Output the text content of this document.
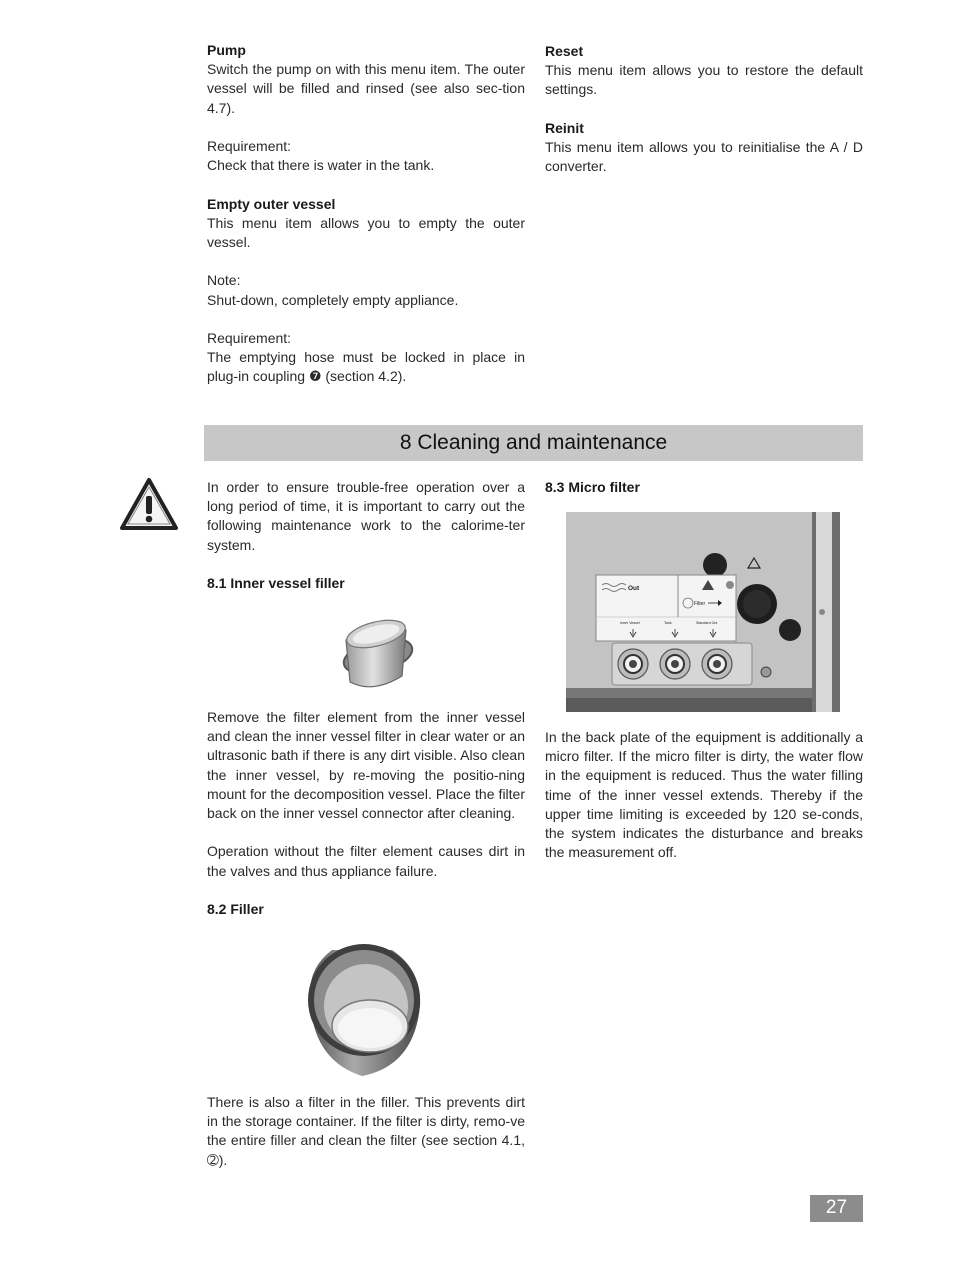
Pump
Switch the pump on with this menu item. The outer vessel will be filled and rinsed (see also sec-tion 4.7).
Requirement:
Check that there is water in the tank.
Empty outer vessel
This menu item allows you to empty the outer vessel.
Note:
Shut-down, completely empty appliance.
Requirement:
The emptying hose must be locked in place in plug-in coupling ❼ (section 4.2).
Reset
This menu item allows you to restore the default settings.
Reinit
This menu item allows you to reinitialise the A / D converter.
8 Cleaning and maintenance
In order to ensure trouble-free operation over a long period of time, it is important to carry out the following maintenance work to the calorime-ter system.
8.1 Inner vessel filler
Remove the filter element from the inner vessel and clean the inner vessel filter in clear water or an ultrasonic bath if there is any dirt visible. Also clean the inner vessel, by re-moving the positio-ning mount for the decomposition vessel. Place the filter back on the inner vessel connector after cleaning.
Operation without the filter element causes dirt in the valves and thus appliance failure.
8.2 Filler
There is also a filter in the filler. This prevents dirt in the storage container. If the filter is dirty, remo-ve the entire filler and clean the filter (see section 4.1, ➁).
8.3 Micro filter
Out
Filter
Inner Vessel	Tank	Standard Out
In the back plate of the equipment is additionally a micro filter. If the micro filter is dirty, the water flow in the equipment is reduced. Thus the water filling time of the inner vessel extends. Thereby if the upper time limiting is exceeded by 120 se-conds, the system indicates the disturbance and breaks the measurement off.
27
